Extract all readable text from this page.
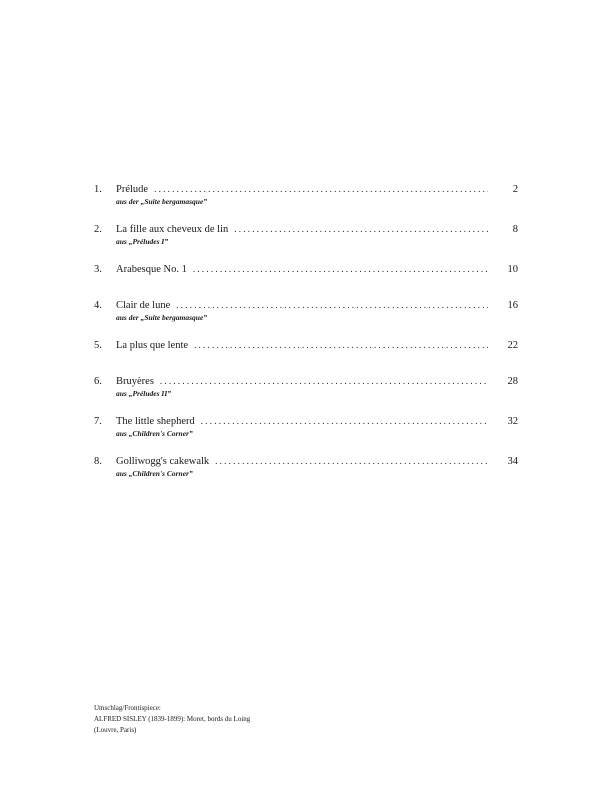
1.	Prélude . . .	2
aus der „Suite bergamasque”
2.	La fille aux cheveux de lin . . .	8
aus „Préludes I”
3.	Arabesque No. 1 . . .	10
4.	Clair de lune . . .	16
aus der „Suite bergamasque”
5.	La plus que lente . . .	22
6.	Bruyères . . .	28
aus „Préludes II”
7.	The little shepherd . . .	32
aus „Children's Corner”
8.	Golliwogg's cakewalk . . .	34
aus „Children's Corner”
Umschlag/Frontispiece:
ALFRED SISLEY (1839-1899): Moret, bords du Loing
(Louvre, Paris)
